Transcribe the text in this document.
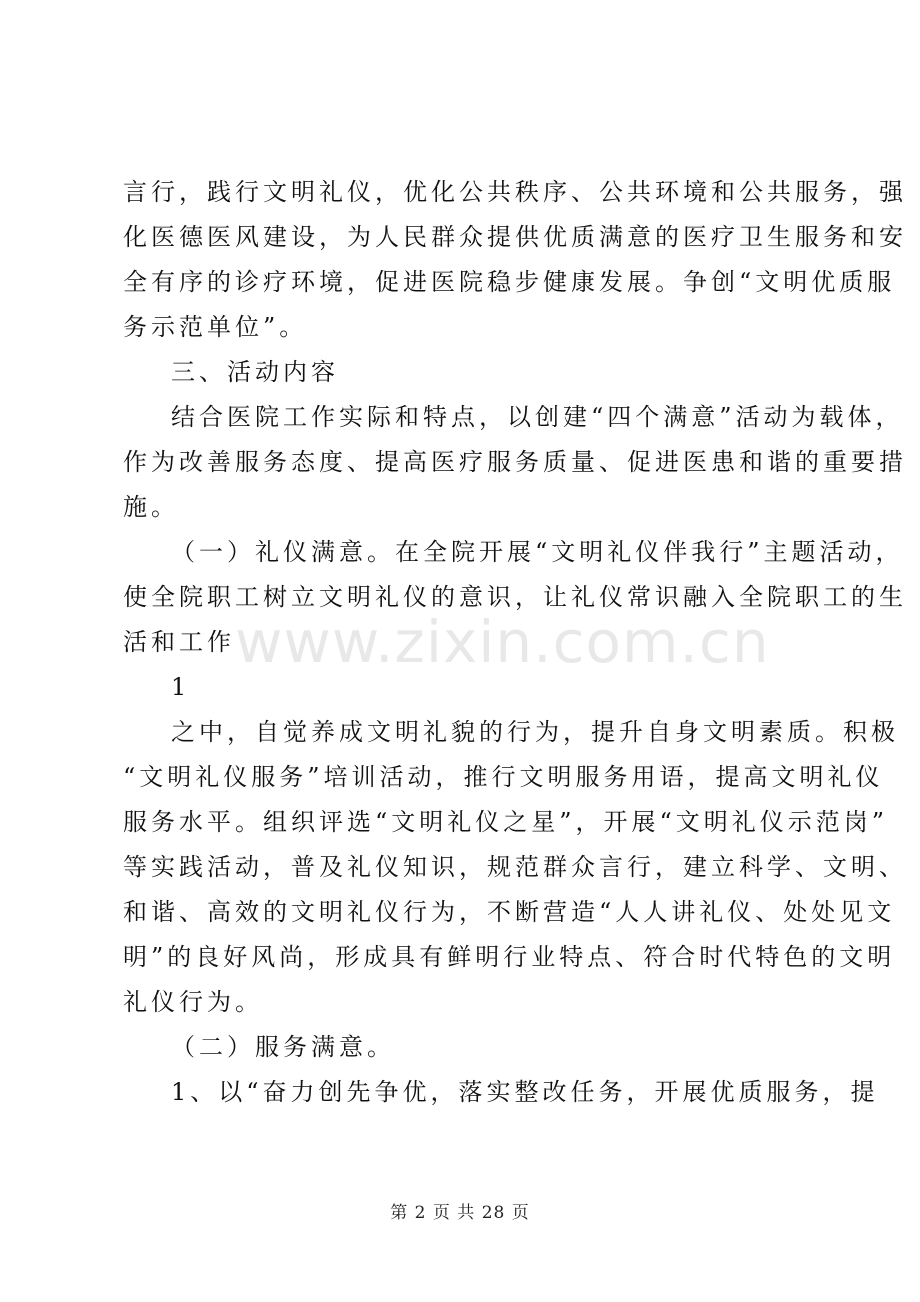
www.zixin.com.cn
言行，践行文明礼仪，优化公共秩序、公共环境和公共服务，强
化医德医风建设，为人民群众提供优质满意的医疗卫生服务和安
全有序的诊疗环境，促进医院稳步健康发展。争创“文明优质服
务示范单位”。
三、活动内容
结合医院工作实际和特点，以创建“四个满意”活动为载体，
作为改善服务态度、提高医疗服务质量、促进医患和谐的重要措
施。
（一）礼仪满意。在全院开展“文明礼仪伴我行”主题活动，
使全院职工树立文明礼仪的意识，让礼仪常识融入全院职工的生
活和工作
1
之中，自觉养成文明礼貌的行为，提升自身文明素质。积极
“文明礼仪服务”培训活动，推行文明服务用语，提高文明礼仪
服务水平。组织评选“文明礼仪之星”，开展“文明礼仪示范岗”
等实践活动，普及礼仪知识，规范群众言行，建立科学、文明、
和谐、高效的文明礼仪行为，不断营造“人人讲礼仪、处处见文
明”的良好风尚，形成具有鲜明行业特点、符合时代特色的文明
礼仪行为。
（二）服务满意。
1、以“奋力创先争优，落实整改任务，开展优质服务，提
第 2 页 共 28 页
